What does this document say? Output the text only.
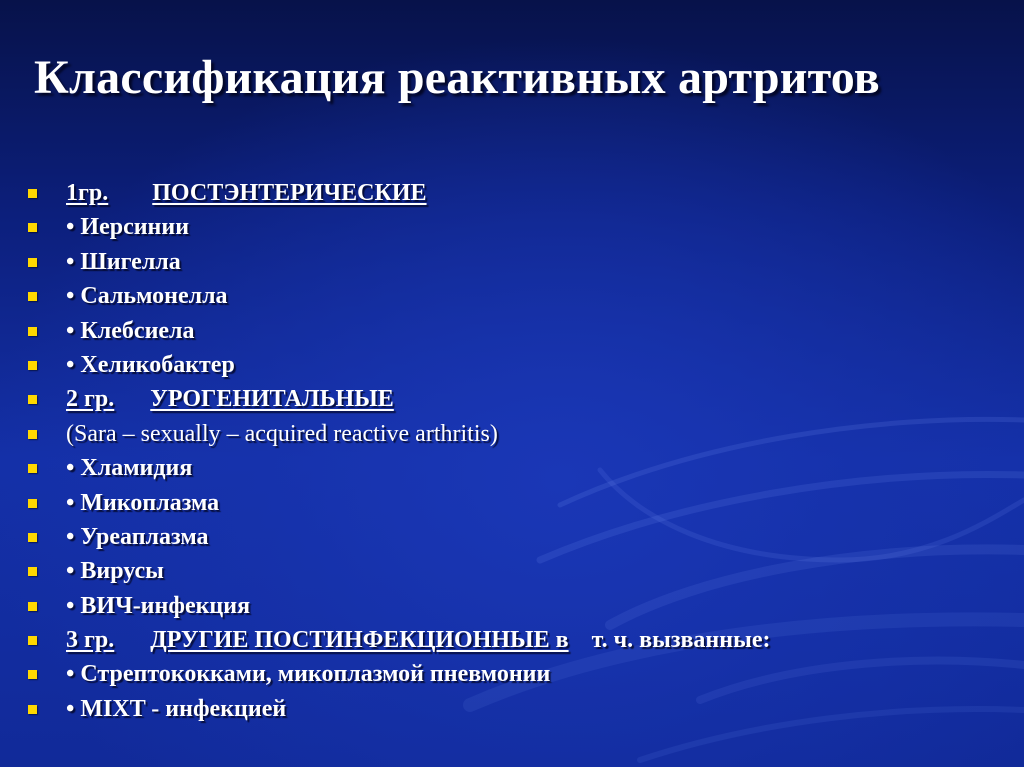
Классификация реактивных артритов
1гр. ПОСТЭНТЕРИЧЕСКИЕ
• Иерсинии
• Шигелла
• Сальмонелла
• Клебсиела
• Хеликобактер
2 гр. УРОГЕНИТАЛЬНЫЕ
(Sara – sexually – acquired reactive arthritis)
• Хламидия
• Микоплазма
• Уреаплазма
• Вирусы
• ВИЧ-инфекция
3 гр. ДРУГИЕ ПОСТИНФЕКЦИОННЫЕ в т. ч. вызванные:
• Стрептококками, микоплазмой пневмонии
• MIXT - инфекцией
